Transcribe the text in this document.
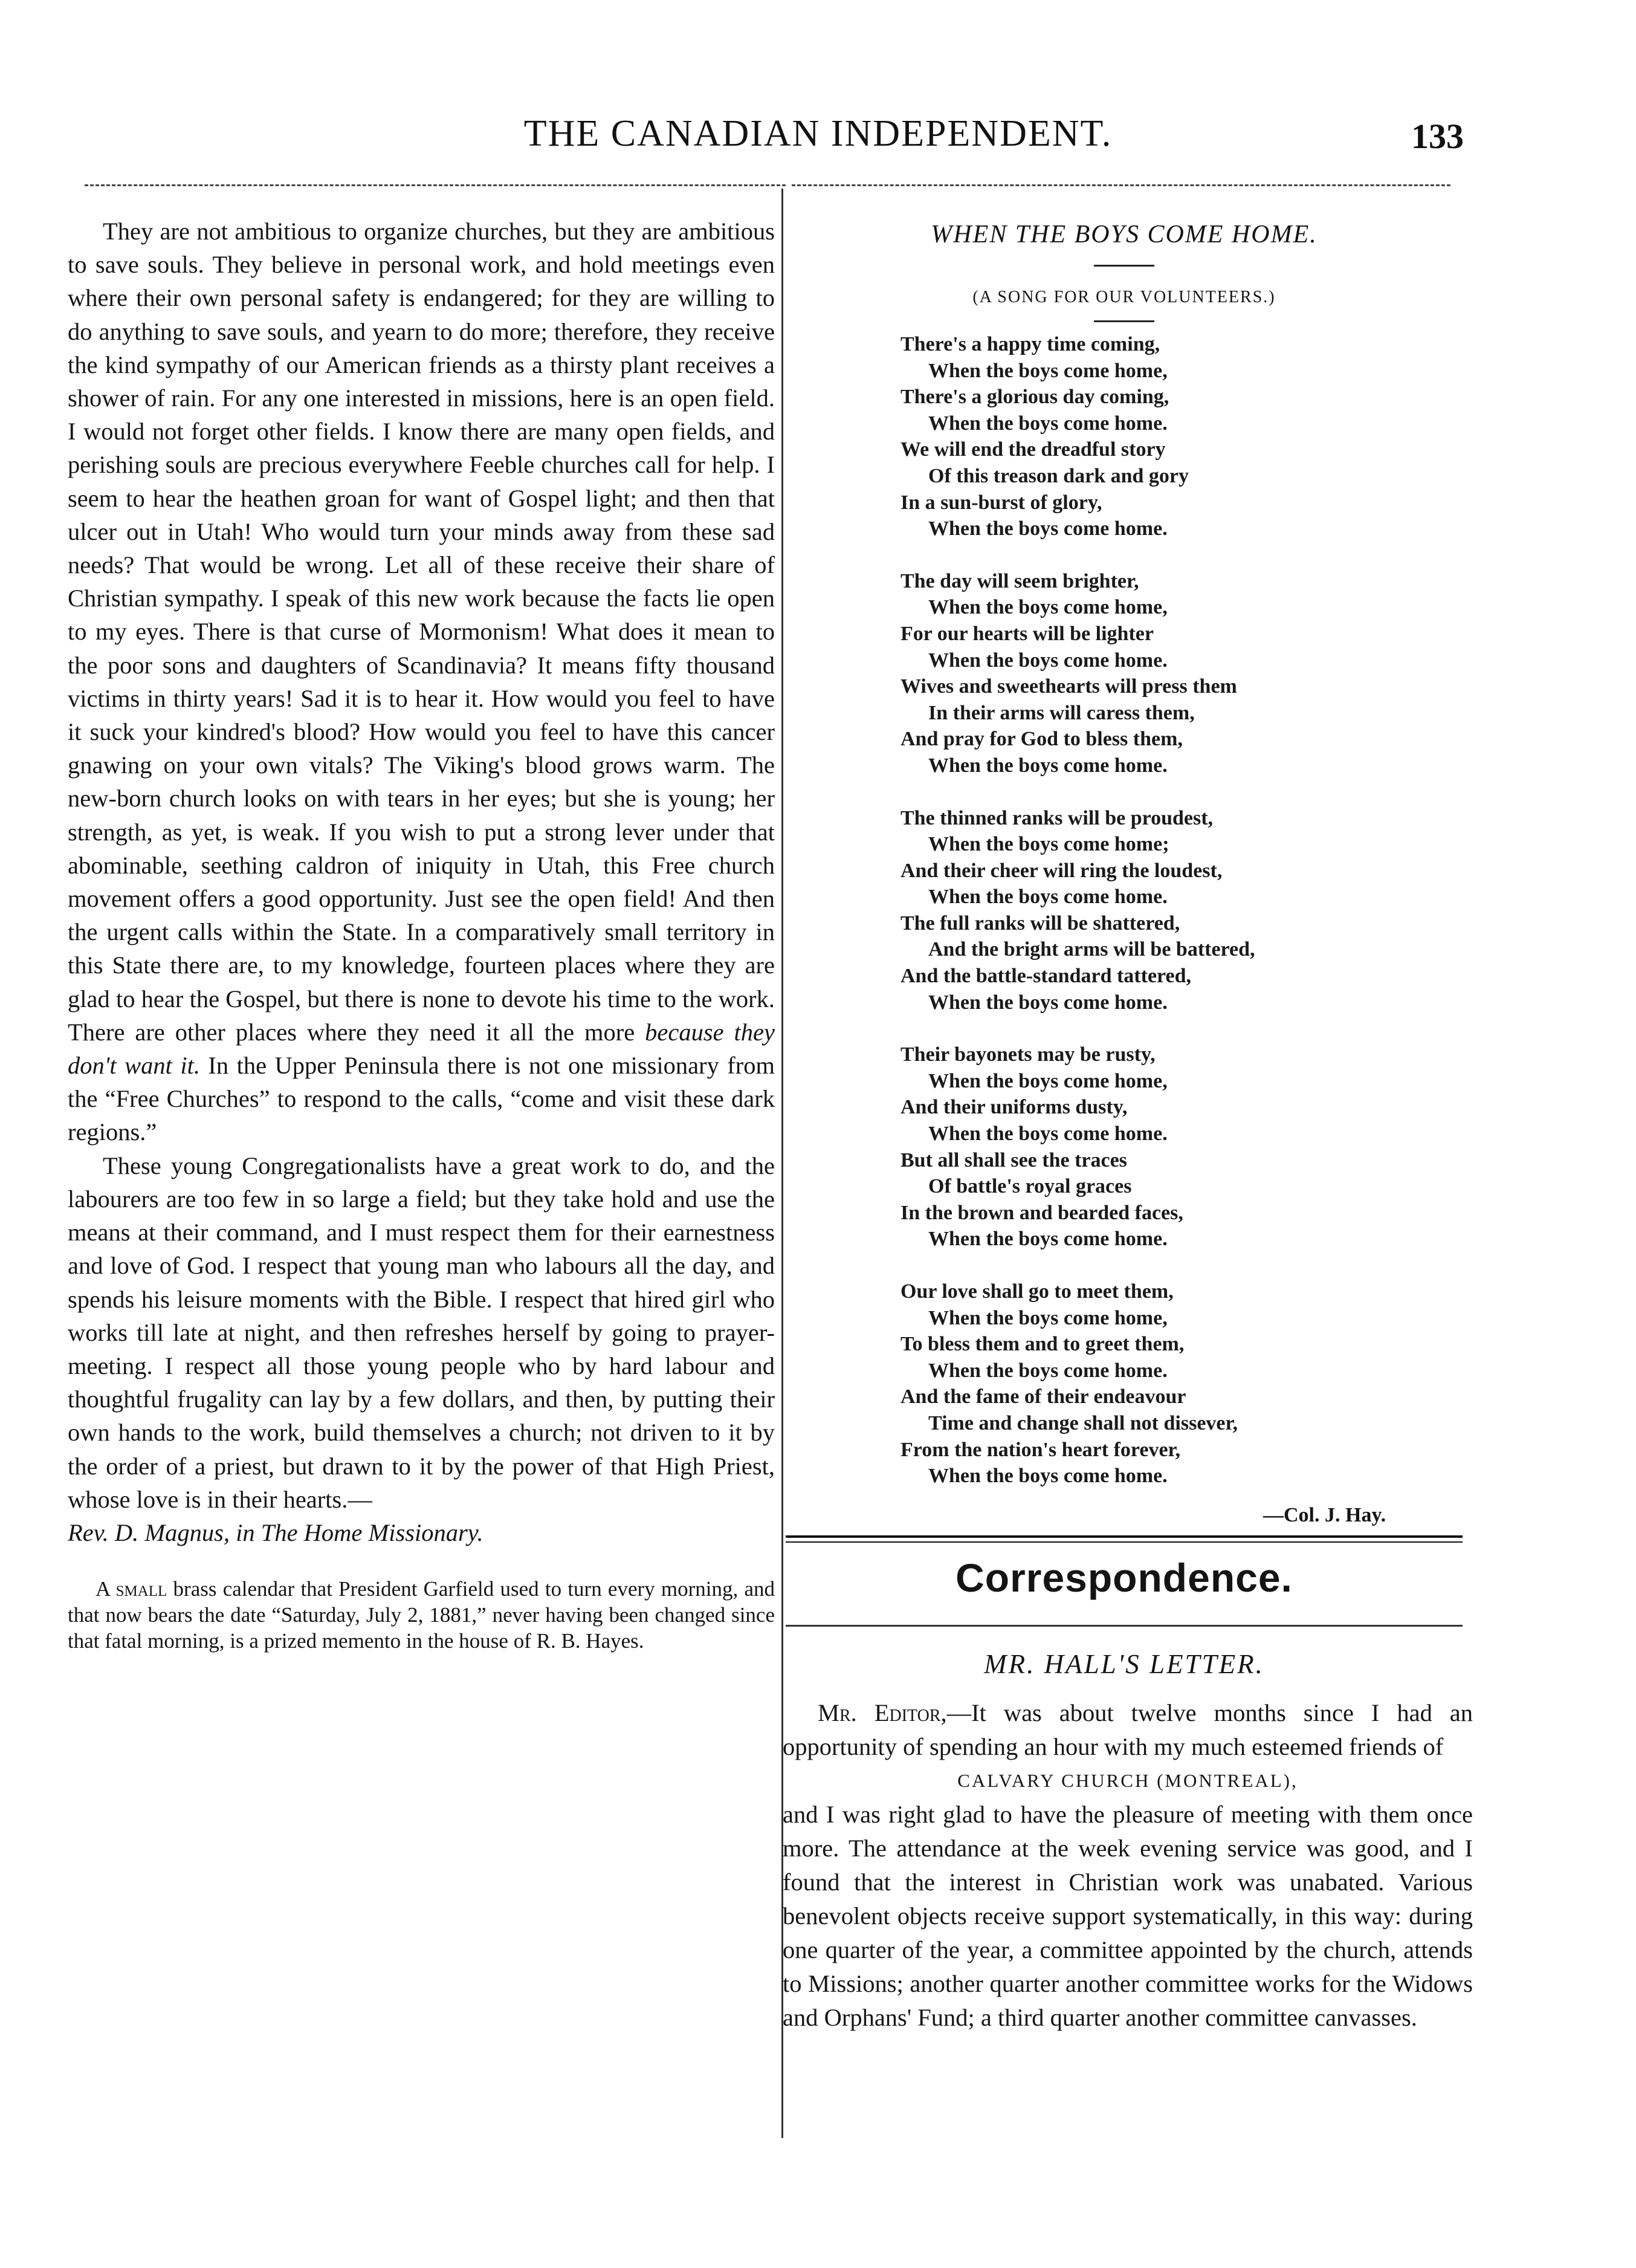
THE CANADIAN INDEPENDENT.	133

They are not ambitious to organize churches, but they are ambitious to save souls. They believe in personal work, and hold meetings even where their own personal safety is endangered; for they are willing to do anything to save souls, and yearn to do more; therefore, they receive the kind sympathy of our American friends as a thirsty plant receives a shower of rain. For any one interested in missions, here is an open field. I would not forget other fields. I know there are many open fields, and perishing souls are precious everywhere Feeble churches call for help. I seem to hear the heathen groan for want of Gospel light; and then that ulcer out in Utah! Who would turn your minds away from these sad needs? That would be wrong. Let all of these receive their share of Christian sympathy. I speak of this new work because the facts lie open to my eyes. There is that curse of Mormonism! What does it mean to the poor sons and daughters of Scandinavia? It means fifty thousand victims in thirty years! Sad it is to hear it. How would you feel to have it suck your kindred's blood? How would you feel to have this cancer gnawing on your own vitals? The Viking's blood grows warm. The new-born church looks on with tears in her eyes; but she is young; her strength, as yet, is weak. If you wish to put a strong lever under that abominable, seething caldron of iniquity in Utah, this Free church movement offers a good opportunity. Just see the open field! And then the urgent calls within the State. In a comparatively small territory in this State there are, to my knowledge, fourteen places where they are glad to hear the Gospel, but there is none to devote his time to the work. There are other places where they need it all the more because they don't want it. In the Upper Peninsula there is not one missionary from the “Free Churches” to respond to the calls, “come and visit these dark regions.”

These young Congregationalists have a great work to do, and the labourers are too few in so large a field; but they take hold and use the means at their command, and I must respect them for their earnestness and love of God. I respect that young man who labours all the day, and spends his leisure moments with the Bible. I respect that hired girl who works till late at night, and then refreshes herself by going to prayer-meeting. I respect all those young people who by hard labour and thoughtful frugality can lay by a few dollars, and then, by putting their own hands to the work, build themselves a church; not driven to it by the order of a priest, but drawn to it by the power of that High Priest, whose love is in their hearts.—
Rev. D. Magnus, in The Home Missionary.

A small brass calendar that President Garfield used to turn every morning, and that now bears the date “Saturday, July 2, 1881,” never having been changed since that fatal morning, is a prized memento in the house of R. B. Hayes.

WHEN THE BOYS COME HOME.
(A SONG FOR OUR VOLUNTEERS.)
There's a happy time coming,
When the boys come home,
There's a glorious day coming,
When the boys come home.
We will end the dreadful story
Of this treason dark and gory
In a sun-burst of glory,
When the boys come home.
The day will seem brighter,
When the boys come home,
For our hearts will be lighter
When the boys come home.
Wives and sweethearts will press them
In their arms will caress them,
And pray for God to bless them,
When the boys come home.
The thinned ranks will be proudest,
When the boys come home;
And their cheer will ring the loudest,
When the boys come home.
The full ranks will be shattered,
And the bright arms will be battered,
And the battle-standard tattered,
When the boys come home.
Their bayonets may be rusty,
When the boys come home,
And their uniforms dusty,
When the boys come home.
But all shall see the traces
Of battle's royal graces
In the brown and bearded faces,
When the boys come home.
Our love shall go to meet them,
When the boys come home,
To bless them and to greet them,
When the boys come home.
And the fame of their endeavour
Time and change shall not dissever,
From the nation's heart forever,
When the boys come home.
—Col. J. Hay.
Correspondence.
MR. HALL'S LETTER.

Mr. Editor,—It was about twelve months since I had an opportunity of spending an hour with my much esteemed friends of

CALVARY CHURCH (MONTREAL),

and I was right glad to have the pleasure of meeting with them once more. The attendance at the week evening service was good, and I found that the interest in Christian work was unabated. Various benevolent objects receive support systematically, in this way: during one quarter of the year, a committee appointed by the church, attends to Missions; another quarter another committee works for the Widows and Orphans' Fund; a third quarter another committee canvasses.
